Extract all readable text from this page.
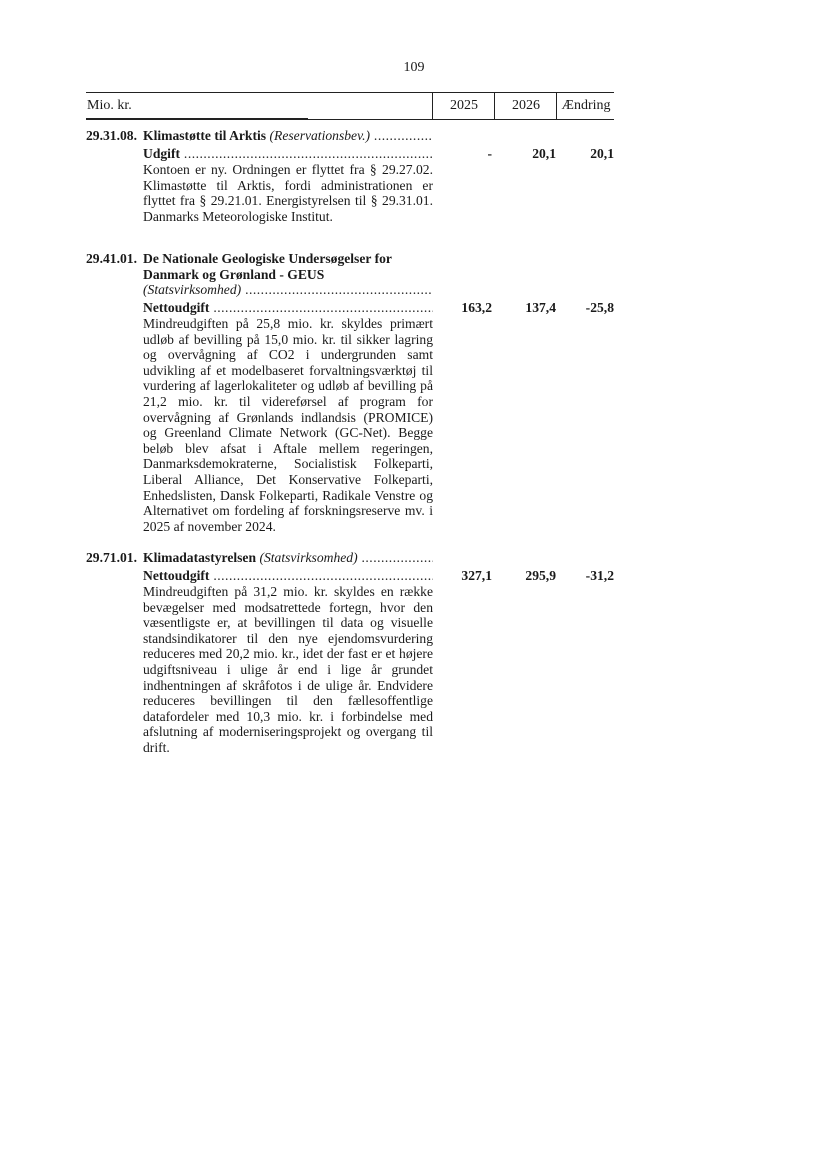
109
Mio. kr.	2025	2026	Ændring
29.31.08. Klimastøtte til Arktis (Reservationsbev.) .....
Udgift .....	-	20,1	20,1
Kontoen er ny. Ordningen er flyttet fra § 29.27.02. Klimastøtte til Arktis, fordi administrationen er flyttet fra § 29.21.01. Energistyrelsen til § 29.31.01. Danmarks Meteorologiske Institut.
29.41.01. De Nationale Geologiske Undersøgelser for Danmark og Grønland - GEUS
(Statsvirksomhed) .....
Nettoudgift .....	163,2	137,4	-25,8
Mindreudgiften på 25,8 mio. kr. skyldes primært udløb af bevilling på 15,0 mio. kr. til sikker lagring og overvågning af CO2 i undergrunden samt udvikling af et modelbaseret forvaltningsværktøj til vurdering af lagerlokaliteter og udløb af bevilling på 21,2 mio. kr. til videreførsel af program for overvågning af Grønlands indlandsis (PROMICE) og Greenland Climate Network (GC-Net). Begge beløb blev afsat i Aftale mellem regeringen, Danmarksdemokraterne, Socialistisk Folkeparti, Liberal Alliance, Det Konservative Folkeparti, Enhedslisten, Dansk Folkeparti, Radikale Venstre og Alternativet om fordeling af forskningsreserve mv. i 2025 af november 2024.
29.71.01. Klimadatastyrelsen (Statsvirksomhed) .....
Nettoudgift .....	327,1	295,9	-31,2
Mindreudgiften på 31,2 mio. kr. skyldes en række bevægelser med modsatrettede fortegn, hvor den væsentligste er, at bevillingen til data og visuelle standsindikatorer til den nye ejendomsvurdering reduceres med 20,2 mio. kr., idet der fast er et højere udgiftsniveau i ulige år end i lige år grundet indhentningen af skråfotos i de ulige år. Endvidere reduceres bevillingen til den fællesoffentlige datafordeler med 10,3 mio. kr. i forbindelse med afslutning af moderniseringsprojekt og overgang til drift.
